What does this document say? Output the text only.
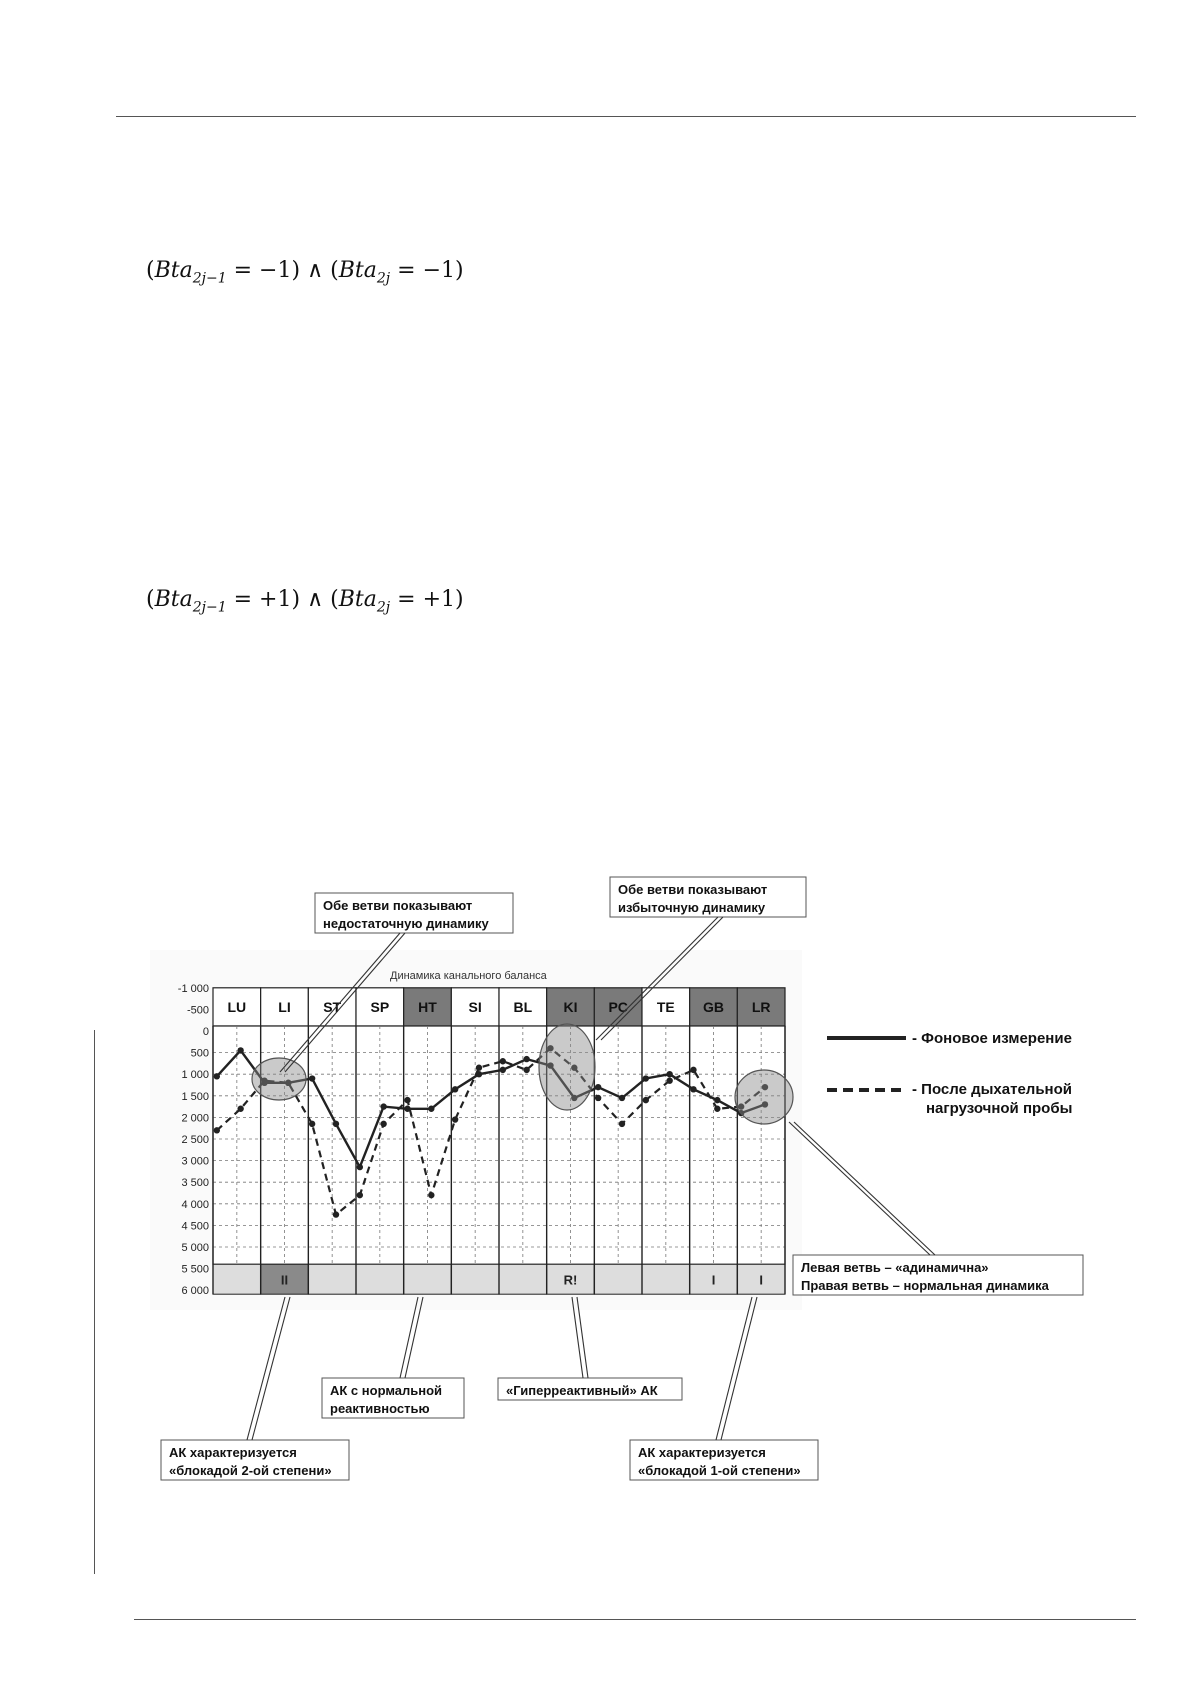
(Bta$_{2j-1}$ = −1) ∧ (Bta$_{2j}$ = −1)
(Bta$_{2j-1}$ = +1) ∧ (Bta$_{2j}$ = +1)
LU LI ST SP HT SI BL KI PC TE GB LR
II	R!	I	I
-1 000
-500
0
500
1 000
1 500
2 000
2 500
3 000
3 500
4 000
4 500
5 000
5 500
6 000
- Фоновое измерение
- После дыхательной
нагрузочной пробы
Обе ветви показывают
недостаточную динамику
Обе ветви показывают
избыточную динамику
Левая ветвь – «адинамична»
Правая ветвь – нормальная динамика
АК с нормальной
реактивностью
«Гиперреактивный» АК
АК характеризуется
«блокадой 2-ой степени»
АК характеризуется
«блокадой 1-ой степени»
Динамика канального баланса
